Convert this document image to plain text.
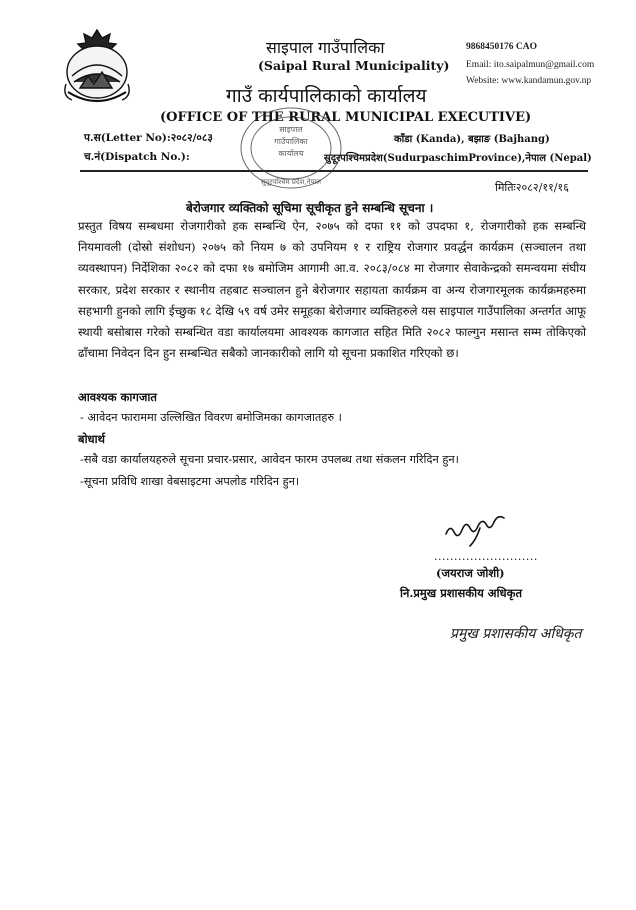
साइपाल गाउँपालिका
(Saipal Rural Municipality)
गाउँ कार्यपालिकाको कार्यालय
(OFFICE OF THE RURAL MUNICIPAL EXECUTIVE)
9868450176 CAO
Email: ito.saipalmun@gmail.com
Website: www.kandamun.gov.np
प.स(Letter No):२०८२/०८३
च.नं(Dispatch No.):
काँडा (Kanda), बझाङ (Bajhang)
सुदूरपश्चिमप्रदेश(SudurpaschimProvince),नेपाल (Nepal)
साइपाल
गाउँपालिका
कार्यालय
सुदूरपश्चिम प्रदेश,नेपाल	मितिः२०८२/११/१६
बेरोजगार व्यक्तिको सूचिमा सूचीकृत हुने सम्बन्धि सूचना ।
प्रस्तुत विषय सम्बधमा रोजगारीको हक सम्बन्धि ऐन, २०७५ को दफा ११ को उपदफा १, रोजगारीको हक सम्बन्धि नियमावली (दोस्रो संशोधन) २०७५ को नियम ७ को उपनियम १ र राष्ट्रिय रोजगार प्रवर्द्धन कार्यक्रम (सञ्चालन तथा व्यवस्थापन) निर्देशिका २०८२ को दफा १७ बमोजिम आगामी आ.व. २०८३/०८४ मा रोजगार सेवाकेन्द्रको समन्वयमा संघीय सरकार, प्रदेश सरकार र स्थानीय तहबाट सञ्चालन हुने बेरोजगार सहायता कार्यक्रम वा अन्य रोजगारमूलक कार्यक्रमहरुमा सहभागी हुनको लागि ईच्छुक १८ देखि ५९ वर्ष उमेर समूहका बेरोजगार व्यक्तिहरुले यस साइपाल गाउँपालिका अन्तर्गत आफू स्थायी बसोबास गरेको सम्बन्धित वडा कार्यालयमा आवश्यक कागजात सहित मिति २०८२ फाल्गुन मसान्त सम्म तोकिएको ढाँचामा निवेदन दिन हुन सम्बन्धित सबैको जानकारीको लागि यो सूचना प्रकाशित गरिएको छ।
आवश्यक कागजात
- आवेदन फाराममा उल्लिखित विवरण बमोजिमका कागजातहरु ।
बोधार्थ
-सबै वडा कार्यालयहरुले सूचना प्रचार-प्रसार, आवेदन फारम उपलब्ध तथा संकलन गरिदिन हुन।
-सूचना प्रविधि शाखा वेबसाइटमा अपलोड गरिदिन हुन।
..........................
(जयराज जोशी)
नि.प्रमुख प्रशासकीय अधिकृत
प्रमुख प्रशासकीय अधिकृत
